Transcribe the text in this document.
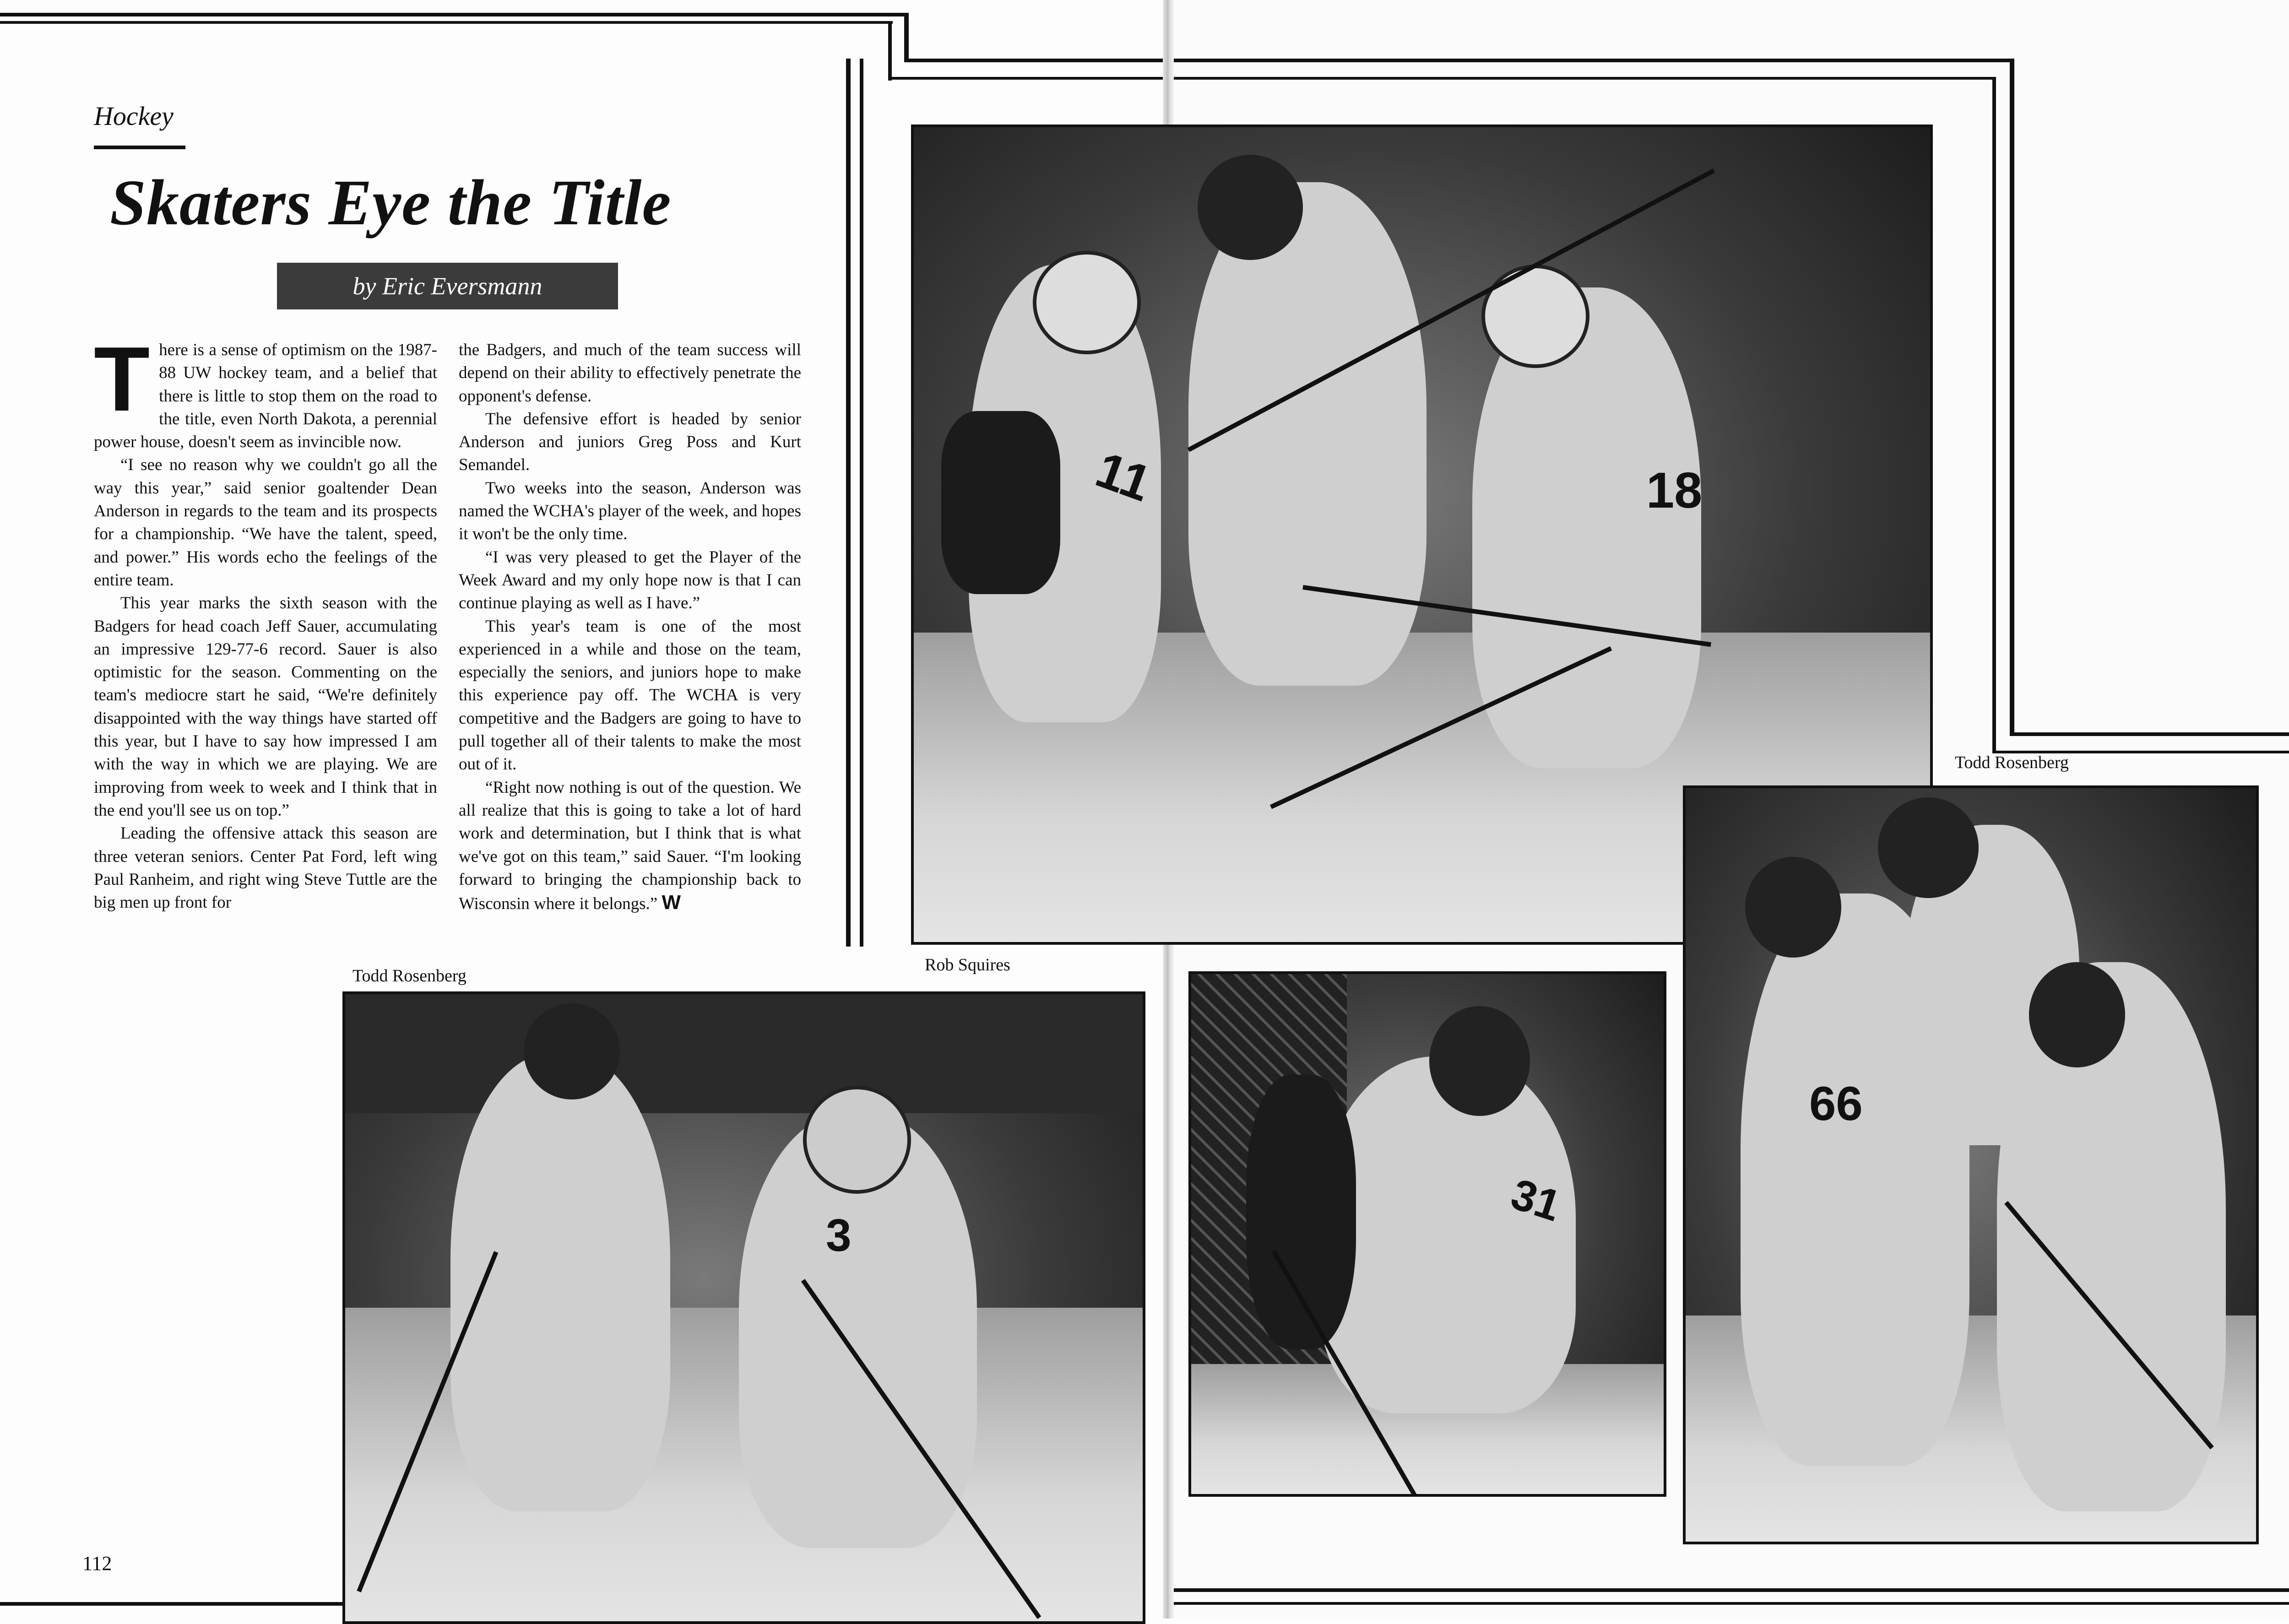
Hockey
Skaters Eye the Title
by Eric Eversmann

There is a sense of optimism on the 1987-88 UW hockey team, and a belief that there is little to stop them on the road to the title, even North Dakota, a perennial power house, doesn't seem as invincible now.

“I see no reason why we couldn't go all the way this year,” said senior goaltender Dean Anderson in regards to the team and its prospects for a championship. “We have the talent, speed, and power.” His words echo the feelings of the entire team.

This year marks the sixth season with the Badgers for head coach Jeff Sauer, accumulating an impressive 129-77-6 record. Sauer is also optimistic for the season. Commenting on the team's mediocre start he said, “We're definitely disappointed with the way things have started off this year, but I have to say how impressed I am with the way in which we are playing. We are improving from week to week and I think that in the end you'll see us on top.”

Leading the offensive attack this season are three veteran seniors. Center Pat Ford, left wing Paul Ranheim, and right wing Steve Tuttle are the big men up front for

the Badgers, and much of the team success will depend on their ability to effectively penetrate the opponent's defense.

The defensive effort is headed by senior Anderson and juniors Greg Poss and Kurt Semandel.

Two weeks into the season, Anderson was named the WCHA's player of the week, and hopes it won't be the only time.

“I was very pleased to get the Player of the Week Award and my only hope now is that I can continue playing as well as I have.”

This year's team is one of the most experienced in a while and those on the team, especially the seniors, and juniors hope to make this experience pay off. The WCHA is very competitive and the Badgers are going to have to pull together all of their talents to make the most out of it.

“Right now nothing is out of the question. We all realize that this is going to take a lot of hard work and determination, but I think that is what we've got on this team,” said Sauer. “I'm looking forward to bringing the championship back to Wisconsin where it belongs.” W

Rob Squires
Todd Rosenberg
Todd Rosenberg
11	18
3
31
66
112
